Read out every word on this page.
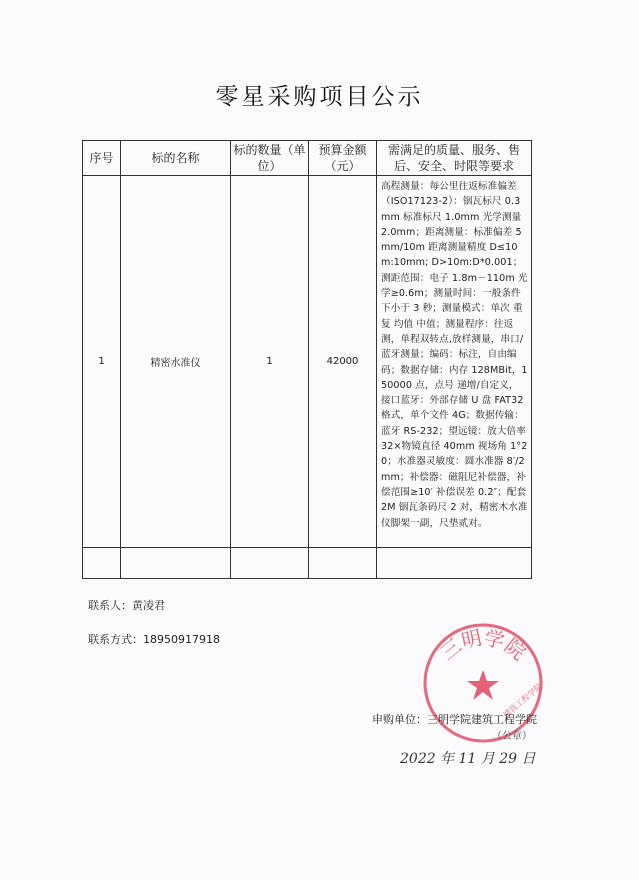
零星采购项目公示
序号	标的名称	标的数量（单位）	预算金额（元）	需满足的质量、服务、售后、安全、时限等要求
1	精密水准仪	1	42000	高程测量：每公里往返标准偏差（ISO17123-2）：铟瓦标尺 0.3mm 标准标尺 1.0mm 光学测量 2.0mm；距离测量：标准偏差 5mm/10m 距离测量精度 D≤10m:10mm; D>10m:D*0.001；测距范围：电子 1.8m－110m 光学≥0.6m；测量时间：一般条件下小于 3 秒；测量模式：单次 重复 均值 中值；测量程序：往返测，单程双转点,放样测量，串口/蓝牙测量；编码：标注，自由编码；数据存储：内存 128MBit，150000 点，点号 递增/自定义，接口蓝牙：外部存储 U 盘 FAT32 格式，单个文件 4G；数据传输：蓝牙 RS-232；望远镜：放大倍率 32×物镜直径 40mm 视场角 1°20；水准器灵敏度：圆水准器 8′/2mm；补偿器：磁阻尼补偿器，补偿范围≥10′ 补偿误差 0.2″；配套 2M 铟瓦条码尺 2 对，精密木水准仪脚架一副，尺垫贰对。

联系人：黄凌君
联系方式：18950917918	三明学院
建筑工程学院
申购单位：三明学院建筑工程学院
（公章）
2022 年 11 月 29 日
